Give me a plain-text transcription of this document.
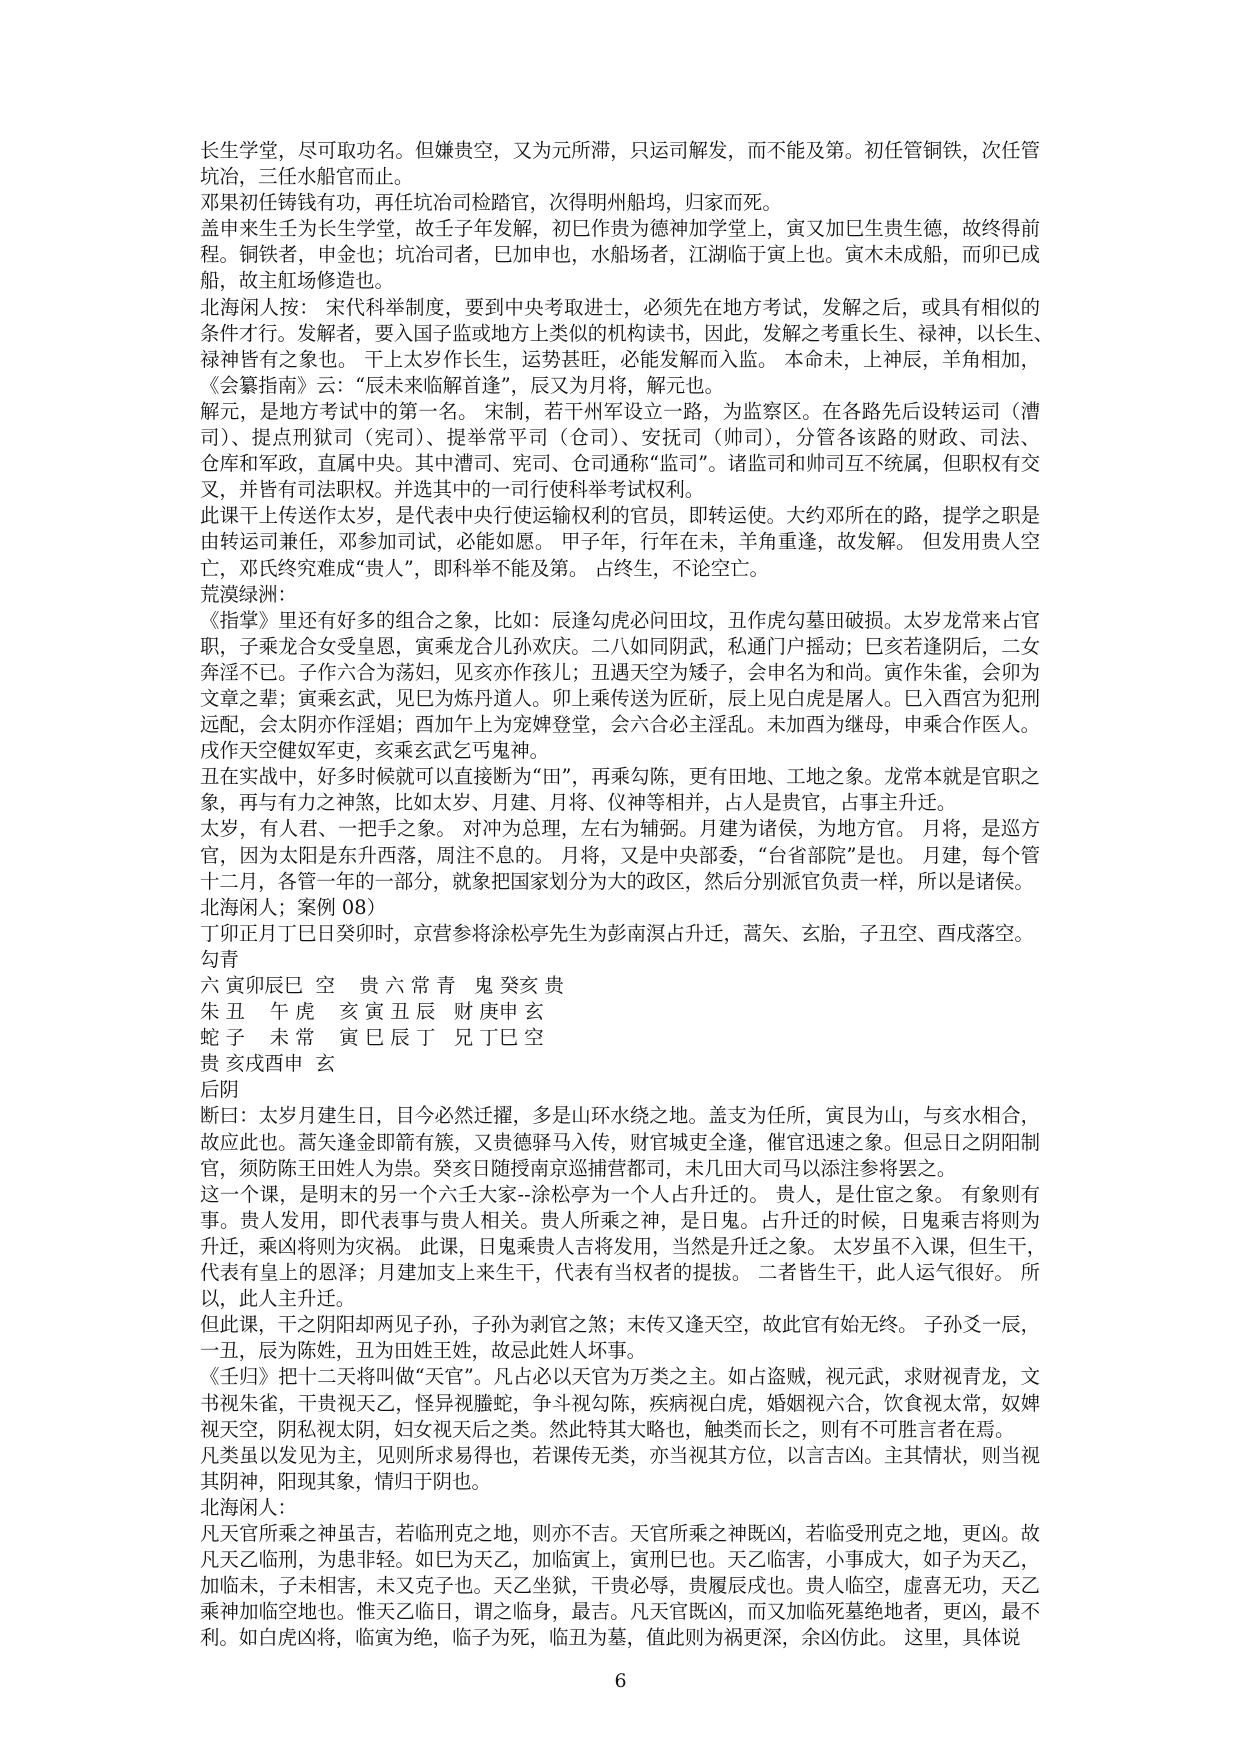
长生学堂，尽可取功名。但嫌贵空，又为元所滞，只运司解发，而不能及第。初任管铜铁，次任管
坑冶，三任水船官而止。
邓果初任铸钱有功，再任坑冶司检踏官，次得明州船坞，归家而死。
盖申来生壬为长生学堂，故壬子年发解，初巳作贵为德神加学堂上，寅又加巳生贵生德，故终得前
程。铜铁者，申金也；坑冶司者，巳加申也，水船场者，江湖临于寅上也。寅木未成船，而卯已成
船，故主舡场修造也。
北海闲人按： 宋代科举制度，要到中央考取进士，必须先在地方考试，发解之后，或具有相似的
条件才行。发解者，要入国子监或地方上类似的机构读书，因此，发解之考重长生、禄神，以长生、
禄神皆有之象也。 干上太岁作长生，运势甚旺，必能发解而入监。 本命未，上神辰，羊角相加，
《会纂指南》云：“辰未来临解首逢”，辰又为月将，解元也。
解元，是地方考试中的第一名。 宋制，若干州军设立一路，为监察区。在各路先后设转运司（漕
司）、提点刑狱司（宪司）、提举常平司（仓司）、安抚司（帅司），分管各该路的财政、司法、
仓库和军政，直属中央。其中漕司、宪司、仓司通称“监司”。诸监司和帅司互不统属，但职权有交
叉，并皆有司法职权。并选其中的一司行使科举考试权利。
此课干上传送作太岁，是代表中央行使运输权利的官员，即转运使。大约邓所在的路，提学之职是
由转运司兼任，邓参加司试，必能如愿。 甲子年，行年在未，羊角重逢，故发解。 但发用贵人空
亡，邓氏终究难成“贵人”，即科举不能及第。 占终生，不论空亡。
荒漠绿洲：
《指掌》里还有好多的组合之象，比如：辰逢勾虎必问田坟，丑作虎勾墓田破损。太岁龙常来占官
职，子乘龙合女受皇恩，寅乘龙合儿孙欢庆。二八如同阴武，私通门户摇动；巳亥若逢阴后，二女
奔淫不已。子作六合为荡妇，见亥亦作孩儿；丑遇天空为矮子，会申名为和尚。寅作朱雀，会卯为
文章之辈；寅乘玄武，见巳为炼丹道人。卯上乘传送为匠斫，辰上见白虎是屠人。巳入酉宫为犯刑
远配，会太阴亦作淫娼；酉加午上为宠婢登堂，会六合必主淫乱。未加酉为继母，申乘合作医人。
戌作天空健奴军吏，亥乘玄武乞丐鬼神。
丑在实战中，好多时候就可以直接断为“田”，再乘勾陈，更有田地、工地之象。龙常本就是官职之
象，再与有力之神煞，比如太岁、月建、月将、仪神等相并，占人是贵官，占事主升迁。
太岁，有人君、一把手之象。 对冲为总理，左右为辅弼。月建为诸侯，为地方官。 月将，是巡方
官，因为太阳是东升西落，周注不息的。 月将，又是中央部委，“台省部院”是也。 月建，每个管
十二月，各管一年的一部分，就象把国家划分为大的政区，然后分别派官负责一样，所以是诸侯。
北海闲人；案例 08）
丁卯正月丁巳日癸卯时，京营参将涂松亭先生为彭南溟占升迁，蒿矢、玄胎，子丑空、酉戌落空。
勾青
六 寅卯辰巳  空    贵 六 常 青   鬼 癸亥 贵
朱 丑    午 虎    亥 寅 丑 辰   财 庚申 玄
蛇 子    未 常    寅 巳 辰 丁   兄 丁巳 空
贵 亥戌酉申  玄
后阴
断曰：太岁月建生日，目今必然迁擢，多是山环水绕之地。盖支为任所，寅艮为山，与亥水相合，
故应此也。蒿矢逢金即箭有簇，又贵德驿马入传，财官城吏全逢，催官迅速之象。但忌日之阴阳制
官，须防陈王田姓人为祟。癸亥日随授南京巡捕营都司，未几田大司马以添注参将罢之。
这一个课，是明末的另一个六壬大家--涂松亭为一个人占升迁的。 贵人，是仕宦之象。 有象则有
事。贵人发用，即代表事与贵人相关。贵人所乘之神，是日鬼。占升迁的时候，日鬼乘吉将则为
升迁，乘凶将则为灾祸。 此课，日鬼乘贵人吉将发用，当然是升迁之象。 太岁虽不入课，但生干，
代表有皇上的恩泽；月建加支上来生干，代表有当权者的提拔。 二者皆生干，此人运气很好。 所
以，此人主升迁。
但此课，干之阴阳却两见子孙，子孙为剥官之煞；末传又逢天空，故此官有始无终。 子孙爻一辰，
一丑，辰为陈姓，丑为田姓王姓，故忌此姓人坏事。
《壬归》把十二天将叫做“天官”。凡占必以天官为万类之主。如占盗贼，视元武，求财视青龙，文
书视朱雀，干贵视天乙，怪异视螣蛇，争斗视勾陈，疾病视白虎，婚姻视六合，饮食视太常，奴婢
视天空，阴私视太阴，妇女视天后之类。然此特其大略也，触类而长之，则有不可胜言者在焉。
凡类虽以发见为主，见则所求易得也，若课传无类，亦当视其方位，以言吉凶。主其情状，则当视
其阴神，阳现其象，情归于阴也。
北海闲人：
凡天官所乘之神虽吉，若临刑克之地，则亦不吉。天官所乘之神既凶，若临受刑克之地，更凶。故
凡天乙临刑，为患非轻。如巳为天乙，加临寅上，寅刑巳也。天乙临害，小事成大，如子为天乙，
加临未，子未相害，未又克子也。天乙坐狱，干贵必辱，贵履辰戌也。贵人临空，虚喜无功，天乙
乘神加临空地也。惟天乙临日，谓之临身，最吉。凡天官既凶，而又加临死墓绝地者，更凶，最不
利。如白虎凶将，临寅为绝，临子为死，临丑为墓，值此则为祸更深，余凶仿此。 这里，具体说
6
